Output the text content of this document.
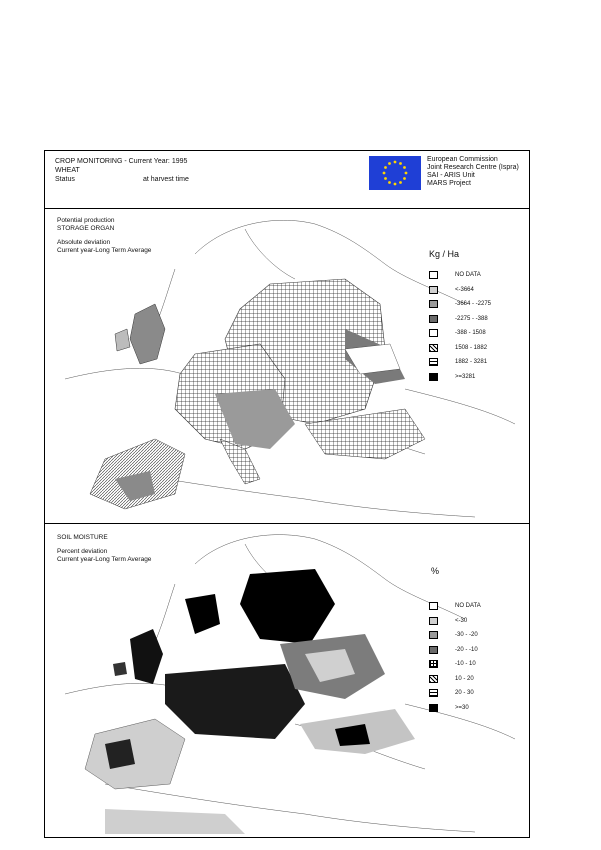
CROP MONITORING - Current Year: 1995
WHEAT
Status	at harvest time
European Commission
Joint Research Centre (Ispra)
SAI - ARIS Unit
MARS Project
Potential production
STORAGE ORGAN
Absolute deviation
Current year-Long Term Average	Kg / Ha
NO DATA
<-3664
-3664 - -2275
-2275 - -388
-388 - 1508
1508 - 1882
1882 - 3281
>=3281
SOIL MOISTURE
Percent deviation
Current year-Long Term Average
%
NO DATA
<-30
-30 - -20
-20 - -10
-10 - 10
10 - 20
20 - 30
>=30
